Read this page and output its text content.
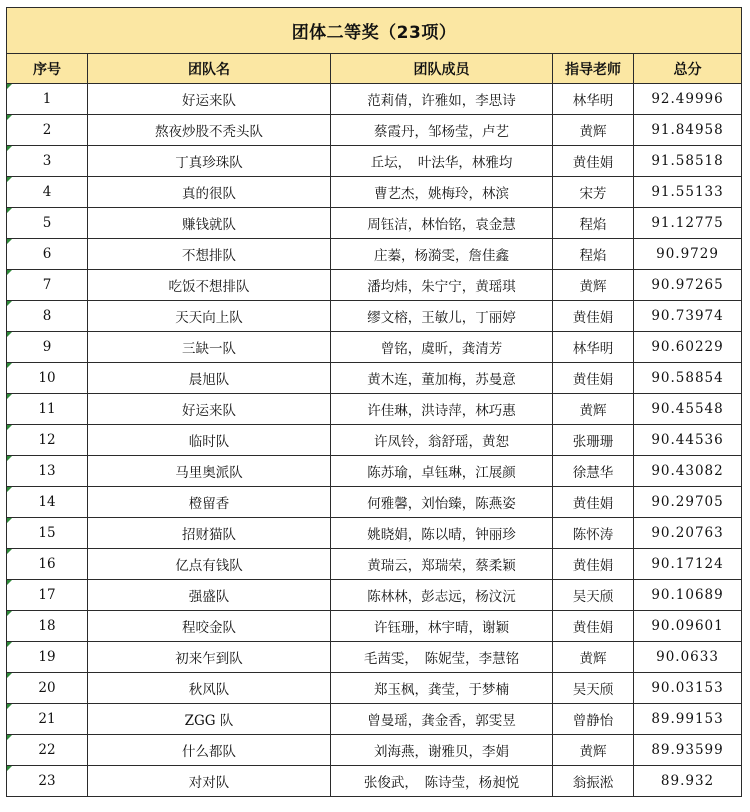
团体二等奖（23项）				
序号	团队名	团队成员	指导老师	总分
1	好运来队	范莉倩，许雅如，李思诗	林华明	92.49996
2	熬夜炒股不秃头队	蔡霞丹，邹杨莹，卢艺	黄辉	91.84958
3	丁真珍珠队	丘坛，　叶法华，林雅均	黄佳娟	91.58518
4	真的很队	曹艺杰，姚梅玲，林滨	宋芳	91.55133
5	赚钱就队	周钰洁，林怡铭，袁金慧	程焰	91.12775
6	不想排队	庄蓁，杨漪雯，詹佳鑫	程焰	90.9729
7	吃饭不想排队	潘均炜，朱宁宁，黄瑶琪	黄辉	90.97265
8	天天向上队	缪文榕，王敏儿，丁丽婷	黄佳娟	90.73974
9	三缺一队	曾铭，虞昕，龚清芳	林华明	90.60229
10	晨旭队	黄木连，董加梅，苏曼意	黄佳娟	90.58854
11	好运来队	许佳琳，洪诗萍，林巧惠	黄辉	90.45548
12	临时队	许凤铃，翁舒瑶，黄恕	张珊珊	90.44536
13	马里奥派队	陈苏瑜，卓钰琳，江展颜	徐慧华	90.43082
14	橙留香	何雅馨，刘怡臻，陈燕姿	黄佳娟	90.29705
15	招财猫队	姚晓娟，陈以晴，钟丽珍	陈怀涛	90.20763
16	亿点有钱队	黄瑞云，郑瑞荣，蔡柔颖	黄佳娟	90.17124
17	强盛队	陈林林，彭志远，杨汶沅	吴天颀	90.10689
18	程咬金队	许钰珊，林宇晴，谢颖	黄佳娟	90.09601
19	初来乍到队	毛茜雯，　陈妮莹，李慧铭	黄辉	90.0633
20	秋风队	郑玉枫，龚莹，于梦楠	吴天颀	90.03153
21	ZGG 队	曾曼瑶，龚金香，郭雯昱	曾静怡	89.99153
22	什么都队	刘海燕，谢雅贝，李娟	黄辉	89.93599
23	对对队	张俊武，　陈诗莹，杨昶悦	翁振淞	89.932
